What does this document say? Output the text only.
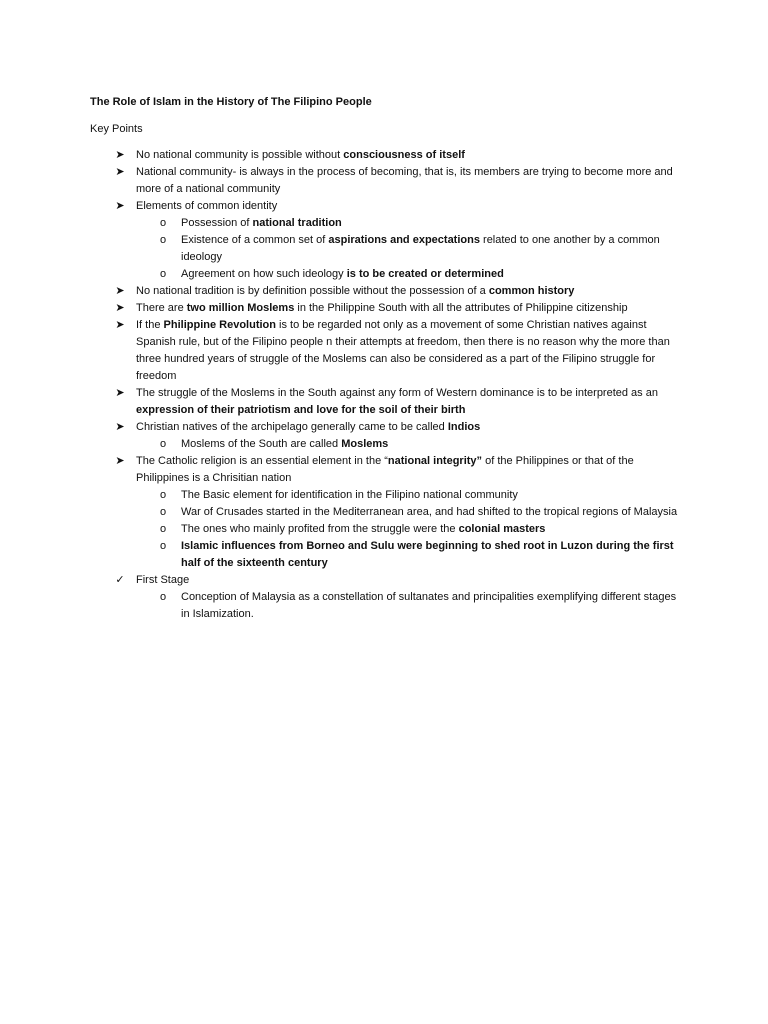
The Role of Islam in the History of The Filipino People
Key Points
➤ No national community is possible without consciousness of itself
➤ National community- is always in the process of becoming, that is, its members are trying to become more and more of a national community
➤ Elements of common identity
o Possession of national tradition
o Existence of a common set of aspirations and expectations related to one another by a common ideology
o Agreement on how such ideology is to be created or determined
➤ No national tradition is by definition possible without the possession of a common history
➤ There are two million Moslems in the Philippine South with all the attributes of Philippine citizenship
➤ If the Philippine Revolution is to be regarded not only as a movement of some Christian natives against Spanish rule, but of the Filipino people n their attempts at freedom, then there is no reason why the more than three hundred years of struggle of the Moslems can also be considered as a part of the Filipino struggle for freedom
➤ The struggle of the Moslems in the South against any form of Western dominance is to be interpreted as an expression of their patriotism and love for the soil of their birth
➤ Christian natives of the archipelago generally came to be called Indios
o Moslems of the South are called Moslems
➤ The Catholic religion is an essential element in the “national integrity” of the Philippines or that of the Philippines is a Chrisitian nation
o The Basic element for identification in the Filipino national community
o War of Crusades started in the Mediterranean area, and had shifted to the tropical regions of Malaysia
o The ones who mainly profited from the struggle were the colonial masters
o Islamic influences from Borneo and Sulu were beginning to shed root in Luzon during the first half of the sixteenth century
✓ First Stage
o Conception of Malaysia as a constellation of sultanates and principalities exemplifying different stages in Islamization.
